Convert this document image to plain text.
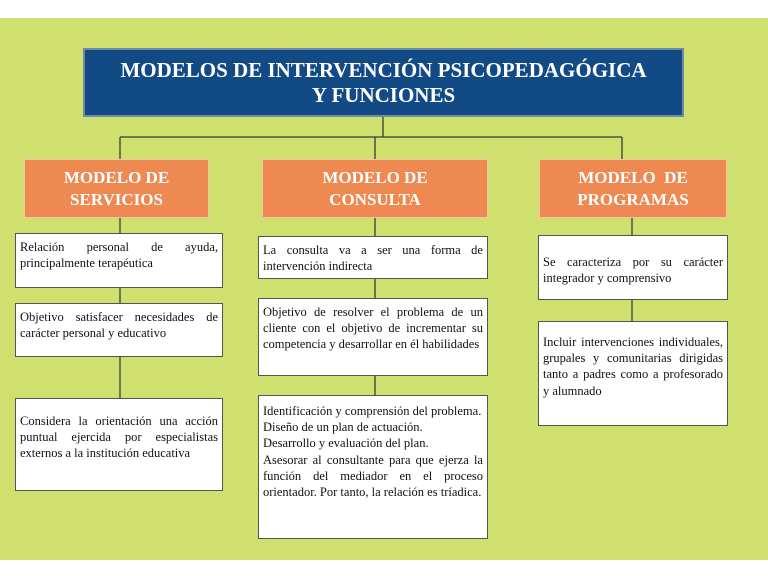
MODELOS DE INTERVENCIÓN PSICOPEDAGÓGICA
Y FUNCIONES
MODELO DE
SERVICIOS
Relación personal de ayuda, principalmente terapéutica
Objetivo satisfacer necesidades de carácter personal y educativo
Considera la orientación una acción puntual ejercida por especialistas externos a la institución educativa
MODELO DE
CONSULTA
La consulta va a ser una forma de intervención indirecta
Objetivo de resolver el problema de un cliente con el objetivo de incrementar su competencia y desarrollar en él habilidades
Identificación y comprensión del problema.
Diseño de un plan de actuación.
Desarrollo y evaluación del plan.
Asesorar al consultante para que ejerza la función del mediador en el proceso orientador. Por tanto, la relación es tríadica.
MODELO  DE
PROGRAMAS
Se caracteriza por su carácter integrador y comprensivo
Incluir intervenciones individuales, grupales y comunitarias dirigidas tanto a padres como a profesorado y alumnado
